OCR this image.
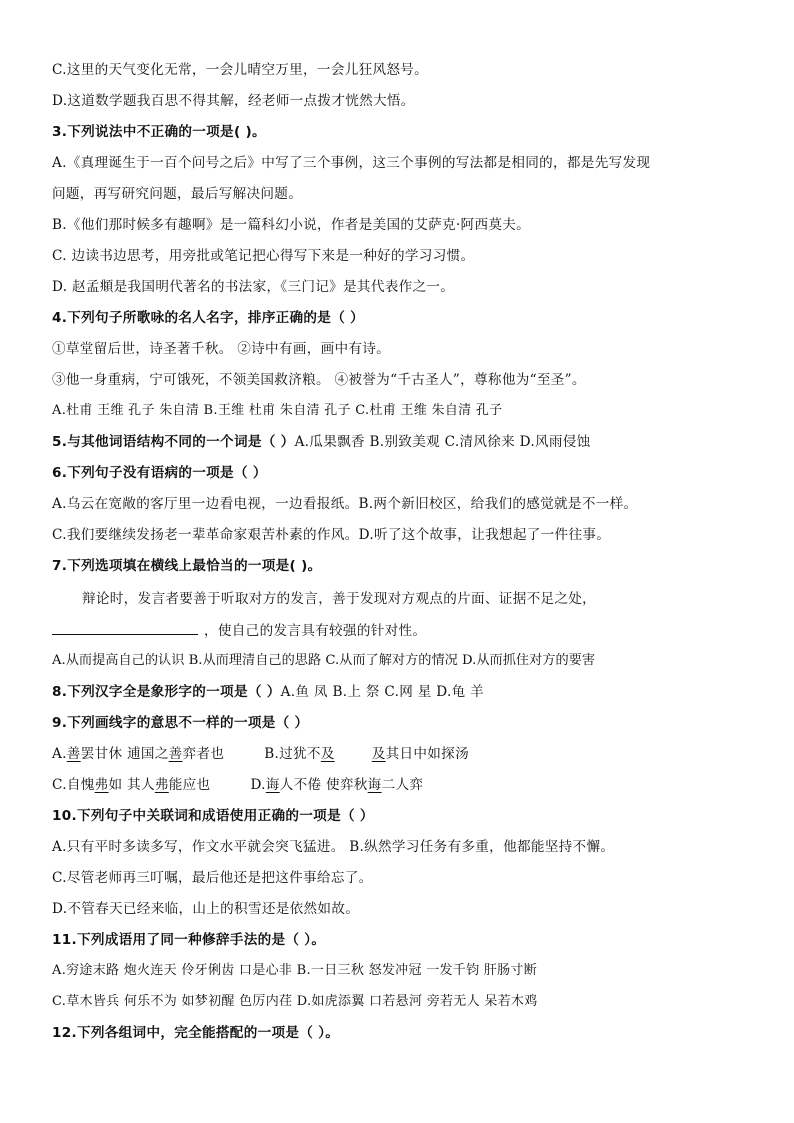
C.这里的天气变化无常，一会儿晴空万里，一会儿狂风怒号。
D.这道数学题我百思不得其解，经老师一点拨才恍然大悟。
3.下列说法中不正确的一项是( )。
A.《真理诞生于一百个问号之后》中写了三个事例，这三个事例的写法都是相同的，都是先写发现
问题，再写研究问题，最后写解决问题。
B.《他们那时候多有趣啊》是一篇科幻小说，作者是美国的艾萨克·阿西莫夫。
C. 边读书边思考，用旁批或笔记把心得写下来是一种好的学习习惯。
D. 赵孟頫是我国明代著名的书法家，《三门记》是其代表作之一。
4.下列句子所歌咏的名人名字，排序正确的是（ ）
①草堂留后世，诗圣著千秋。 ②诗中有画，画中有诗。
③他一身重病，宁可饿死，不领美国救济粮。 ④被誉为“千古圣人”，尊称他为“至圣”。
A.杜甫 王维 孔子 朱自清 B.王维 杜甫 朱自清 孔子 C.杜甫 王维 朱自清 孔子
5.与其他词语结构不同的一个词是（ ）A.瓜果飘香 B.别致美观 C.清风徐来 D.风雨侵蚀
6.下列句子没有语病的一项是（ ）
A.乌云在宽敞的客厅里一边看电视，一边看报纸。B.两个新旧校区，给我们的感觉就是不一样。
C.我们要继续发扬老一辈革命家艰苦朴素的作风。D.听了这个故事，让我想起了一件往事。
7.下列选项填在横线上最恰当的一项是( )。
辩论时，发言者要善于听取对方的发言，善于发现对方观点的片面、证据不足之处，
，使自己的发言具有较强的针对性。
A.从而提高自己的认识 B.从而理清自己的思路 C.从而了解对方的情况 D.从而抓住对方的要害
8.下列汉字全是象形字的一项是（ ）A.鱼 凤 B.上 祭 C.网 星 D.龟 羊
9.下列画线字的意思不一样的一项是（ ）
A.善罢甘休 逋国之善弈者也	B.过犹不及	及其日中如探汤
C.自愧弗如 其人弗能应也	D.诲人不倦 使弈秋诲二人弈
10.下列句子中关联词和成语使用正确的一项是（ ）
A.只有平时多读多写，作文水平就会突飞猛进。 B.纵然学习任务有多重，他都能坚持不懈。
C.尽管老师再三叮嘱，最后他还是把这件事给忘了。
D.不管春天已经来临，山上的积雪还是依然如故。
11.下列成语用了同一种修辞手法的是（ ）。
A.穷途末路 炮火连天 伶牙俐齿 口是心非 B.一日三秋 怒发冲冠 一发千钧 肝肠寸断
C.草木皆兵 何乐不为 如梦初醒 色厉内荏 D.如虎添翼 口若悬河 旁若无人 呆若木鸡
12.下列各组词中，完全能搭配的一项是（ ）。
